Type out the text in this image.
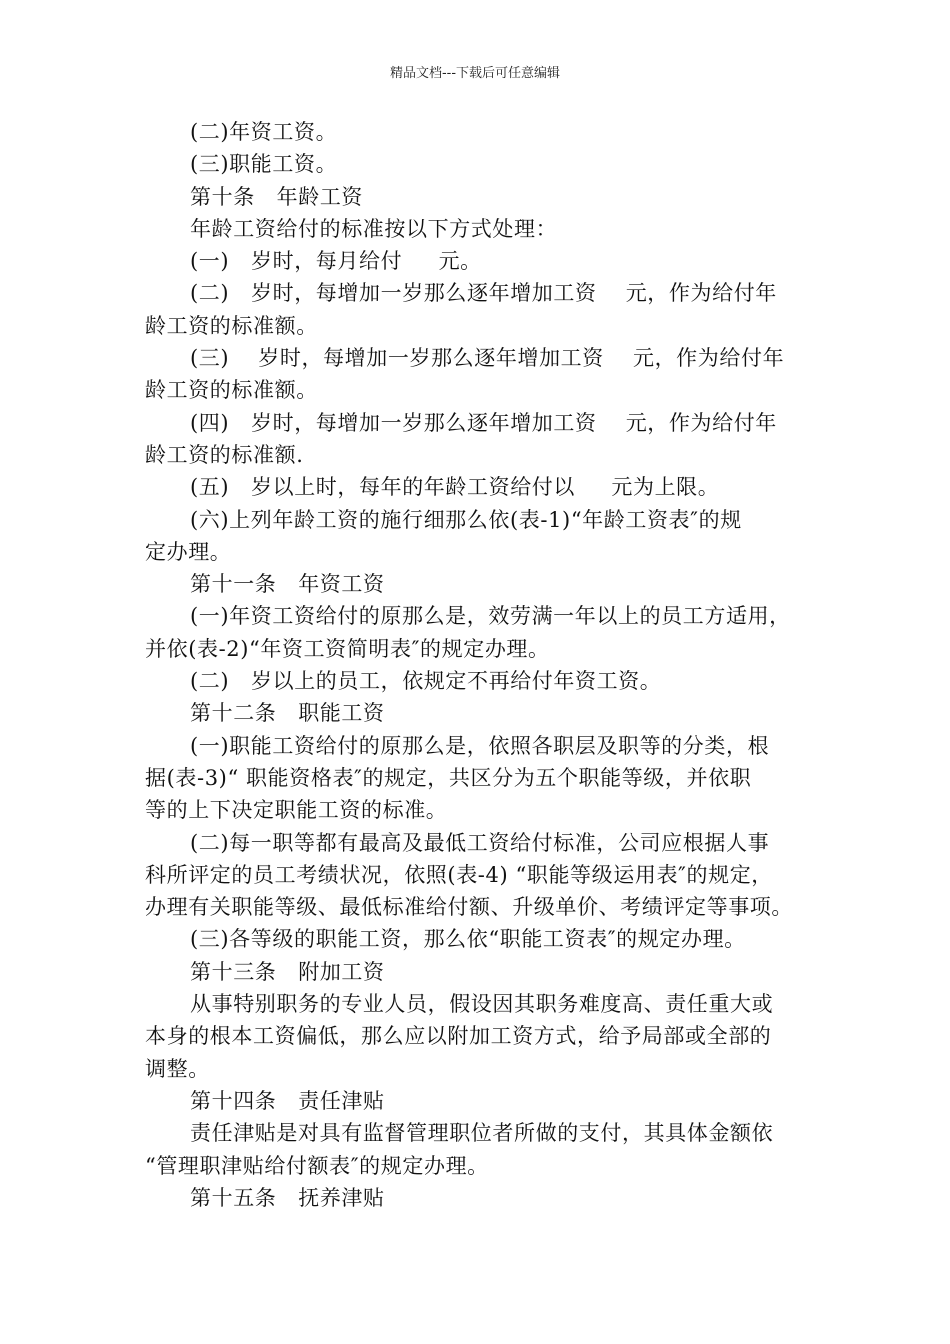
精品文档---下载后可任意编辑
(二)年资工资。
(三)职能工资。
第十条   年龄工资
年龄工资给付的标准按以下方式处理：
(一)   岁时，每月给付     元。
(二)   岁时，每增加一岁那么逐年增加工资    元，作为给付年
龄工资的标准额。
(三)    岁时，每增加一岁那么逐年增加工资    元，作为给付年
龄工资的标准额。
(四)   岁时，每增加一岁那么逐年增加工资    元，作为给付年
龄工资的标准额.
(五)   岁以上时，每年的年龄工资给付以     元为上限。
(六)上列年龄工资的施行细那么依(表-1)“年龄工资表″的规
定办理。
第十一条   年资工资
(一)年资工资给付的原那么是，效劳满一年以上的员工方适用，
并依(表-2)“年资工资简明表″的规定办理。
(二)   岁以上的员工，依规定不再给付年资工资。
第十二条   职能工资
(一)职能工资给付的原那么是，依照各职层及职等的分类，根
据(表-3)“ 职能资格表″的规定，共区分为五个职能等级，并依职
等的上下决定职能工资的标准。
(二)每一职等都有最高及最低工资给付标准，公司应根据人事
科所评定的员工考绩状况，依照(表-4) “职能等级运用表″的规定，
办理有关职能等级、最低标准给付额、升级单价、考绩评定等事项。
(三)各等级的职能工资，那么依“职能工资表″的规定办理。
第十三条   附加工资
从事特别职务的专业人员，假设因其职务难度高、责任重大或
本身的根本工资偏低，那么应以附加工资方式，给予局部或全部的
调整。
第十四条   责任津贴
责任津贴是对具有监督管理职位者所做的支付，其具体金额依
“管理职津贴给付额表″的规定办理。
第十五条   抚养津贴
